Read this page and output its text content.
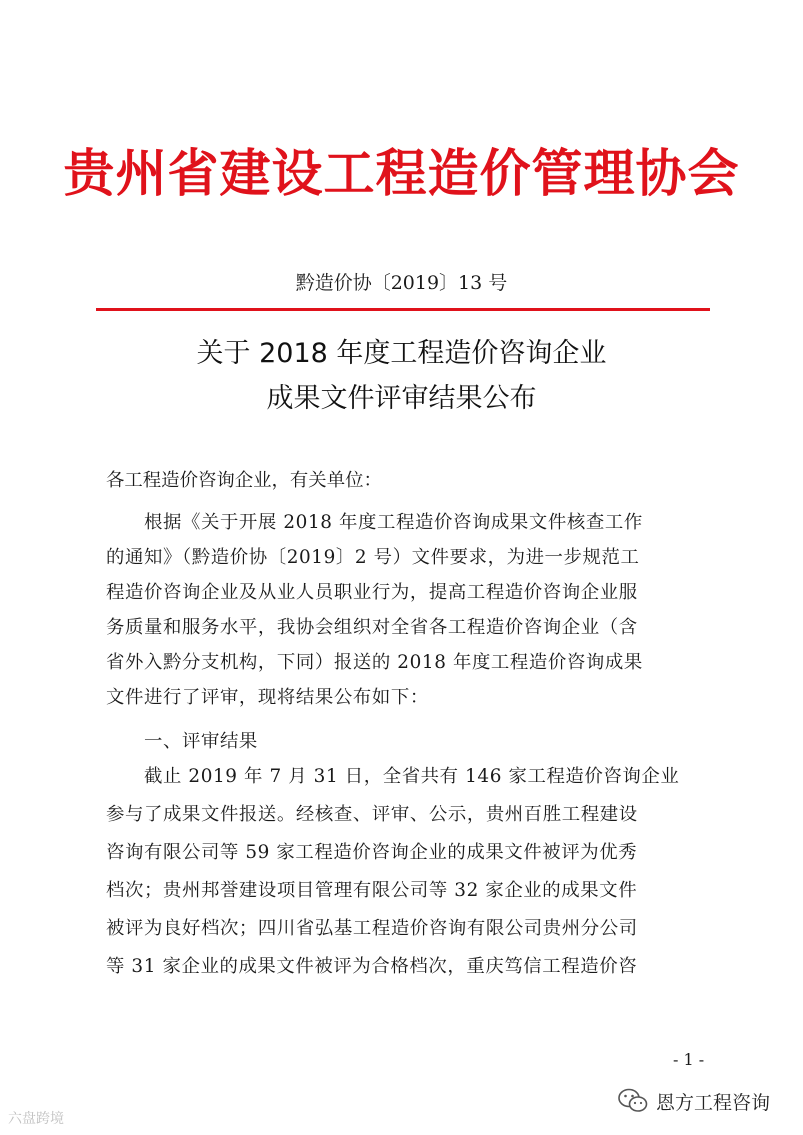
贵州省建设工程造价管理协会
黔造价协〔2019〕13 号
关于 2018 年度工程造价咨询企业
成果文件评审结果公布
各工程造价咨询企业，有关单位：
　　根据《关于开展 2018 年度工程造价咨询成果文件核查工作
的通知》（黔造价协〔2019〕2 号）文件要求，为进一步规范工
程造价咨询企业及从业人员职业行为，提高工程造价咨询企业服
务质量和服务水平，我协会组织对全省各工程造价咨询企业（含
省外入黔分支机构，下同）报送的 2018 年度工程造价咨询成果
文件进行了评审，现将结果公布如下：
　　一、评审结果
　　截止 2019 年 7 月 31 日，全省共有 146 家工程造价咨询企业
参与了成果文件报送。经核查、评审、公示，贵州百胜工程建设
咨询有限公司等 59 家工程造价咨询企业的成果文件被评为优秀
档次；贵州邦誉建设项目管理有限公司等 32 家企业的成果文件
被评为良好档次；四川省弘基工程造价咨询有限公司贵州分公司
等 31 家企业的成果文件被评为合格档次，重庆笃信工程造价咨
- 1 -
六盘跨境
恩方工程咨询
